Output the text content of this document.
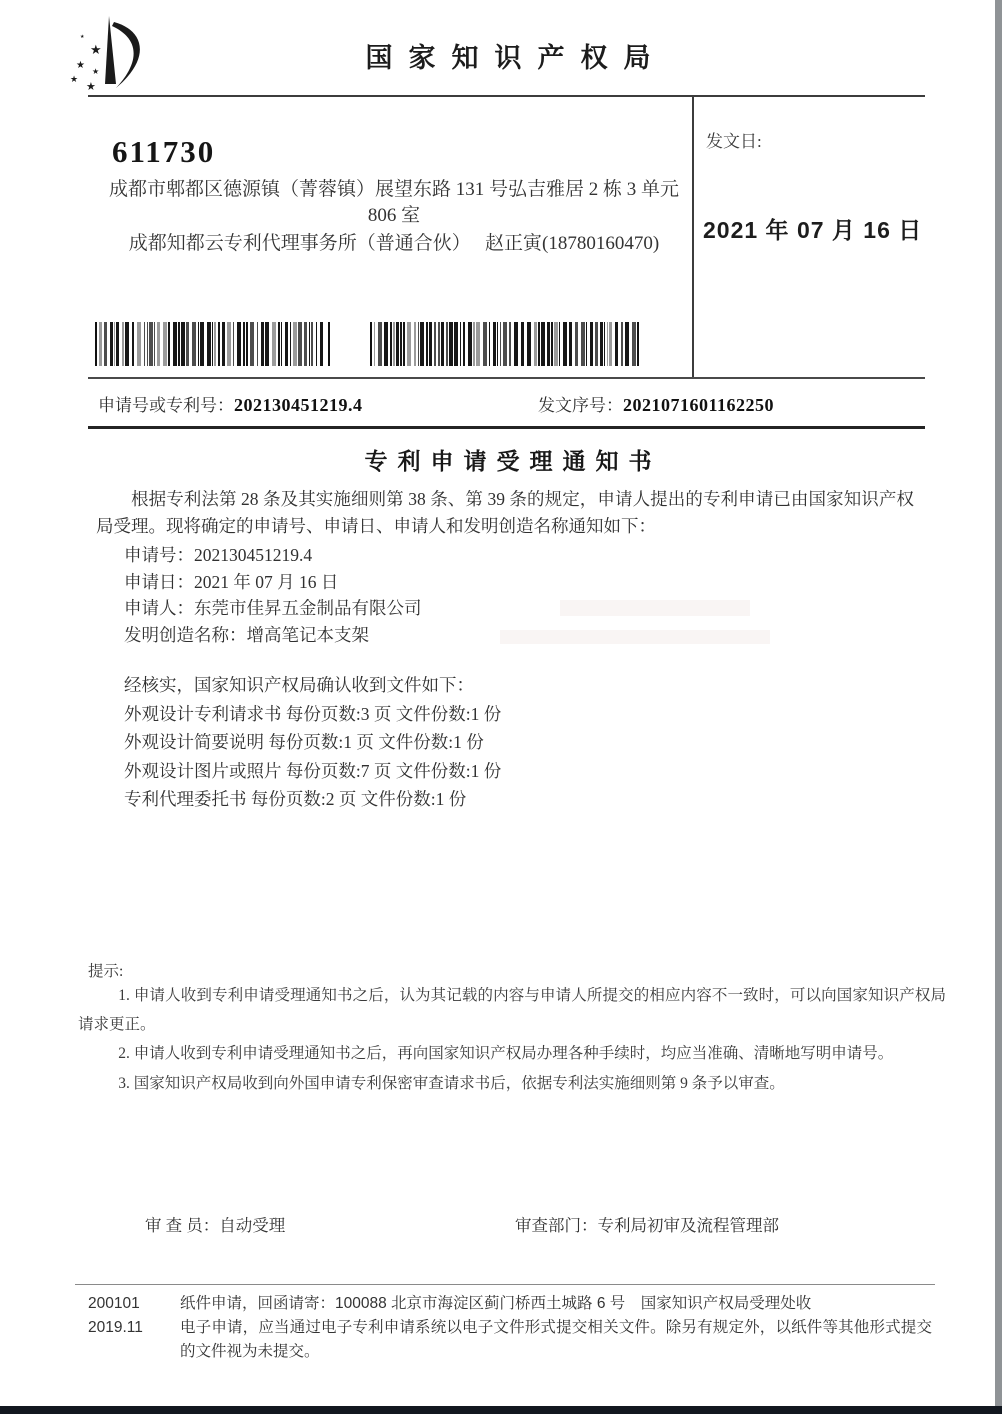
★
★
★
★
★
★
国家知识产权局
611730
成都市郫都区德源镇（菁蓉镇）展望东路 131 号弘吉雅居 2 栋 3 单元
806 室
成都知都云专利代理事务所（普通合伙）　 赵正寅(18780160470)
发文日:
2021 年 07 月 16 日
申请号或专利号：202130451219.4	发文序号：2021071601162250
专利申请受理通知书
根据专利法第 28 条及其实施细则第 38 条、第 39 条的规定，申请人提出的专利申请已由国家知识产权局受理。现将确定的申请号、申请日、申请人和发明创造名称通知如下：
申请号：202130451219.4
申请日：2021 年 07 月 16 日
申请人：东莞市佳昇五金制品有限公司
发明创造名称：增高笔记本支架
经核实，国家知识产权局确认收到文件如下：
外观设计专利请求书 每份页数:3 页 文件份数:1 份
外观设计简要说明 每份页数:1 页 文件份数:1 份
外观设计图片或照片 每份页数:7 页 文件份数:1 份
专利代理委托书 每份页数:2 页 文件份数:1 份
提示:

1. 申请人收到专利申请受理通知书之后，认为其记载的内容与申请人所提交的相应内容不一致时，可以向国家知识产权局请求更正。

2. 申请人收到专利申请受理通知书之后，再向国家知识产权局办理各种手续时，均应当准确、清晰地写明申请号。

3. 国家知识产权局收到向外国申请专利保密审查请求书后，依据专利法实施细则第 9 条予以审查。

审 查 员：自动受理	审查部门：专利局初审及流程管理部
200101	纸件申请，回函请寄：100088 北京市海淀区蓟门桥西土城路 6 号　国家知识产权局受理处收
2019.11	电子申请，应当通过电子专利申请系统以电子文件形式提交相关文件。除另有规定外，以纸件等其他形式提交的文件视为未提交。
